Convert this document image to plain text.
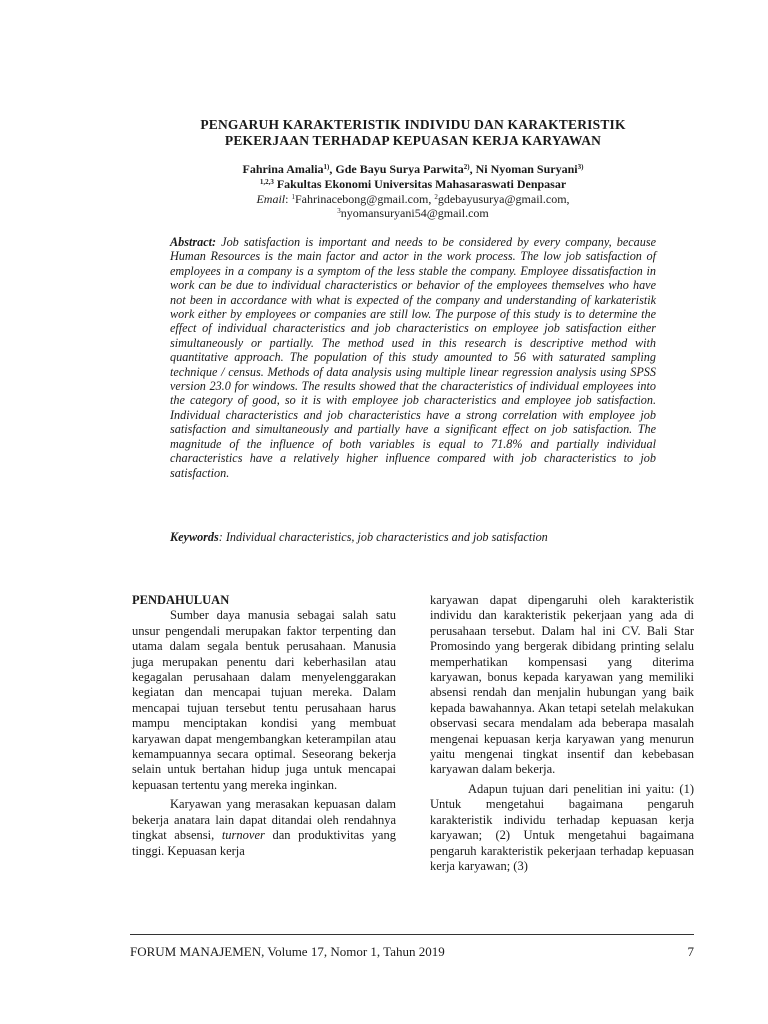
PENGARUH KARAKTERISTIK INDIVIDU DAN KARAKTERISTIK
PEKERJAAN TERHADAP KEPUASAN KERJA KARYAWAN
Fahrina Amalia$^{1)}$, Gde Bayu Surya Parwita$^{2)}$, Ni Nyoman Suryani$^{3)}$
$^{1,2,3}$ Fakultas Ekonomi Universitas Mahasaraswati Denpasar
Email: $^1$Fahrinacebong@gmail.com, $^2$gdebayusurya@gmail.com,
$^3$nyomansuryani54@gmail.com
Abstract: Job satisfaction is important and needs to be considered by every company, because Human Resources is the main factor and actor in the work process. The low job satisfaction of employees in a company is a symptom of the less stable the company. Employee dissatisfaction in work can be due to individual characteristics or behavior of the employees themselves who have not been in accordance with what is expected of the company and understanding of karkateristik work either by employees or companies are still low. The purpose of this study is to determine the effect of individual characteristics and job characteristics on employee job satisfaction either simultaneously or partially. The method used in this research is descriptive method with quantitative approach. The population of this study amounted to 56 with saturated sampling technique / census. Methods of data analysis using multiple linear regression analysis using SPSS version 23.0 for windows. The results showed that the characteristics of individual employees into the category of good, so it is with employee job characteristics and employee job satisfaction. Individual characteristics and job characteristics have a strong correlation with employee job satisfaction and simultaneously and partially have a significant effect on job satisfaction. The magnitude of the influence of both variables is equal to 71.8% and partially individual characteristics have a relatively higher influence compared with job characteristics to job satisfaction.
Keywords: Individual characteristics, job characteristics and job satisfaction

PENDAHULUAN

Sumber daya manusia sebagai salah satu unsur pengendali merupakan faktor terpenting dan utama dalam segala bentuk perusahaan. Manusia juga merupakan penentu dari keberhasilan atau kegagalan perusahaan dalam menyelenggarakan kegiatan dan mencapai tujuan mereka. Dalam mencapai tujuan tersebut tentu perusahaan harus mampu menciptakan kondisi yang membuat karyawan dapat mengembangkan keterampilan atau kemampuannya secara optimal. Seseorang bekerja selain untuk bertahan hidup juga untuk mencapai kepuasan tertentu yang mereka inginkan.

Karyawan yang merasakan kepuasan dalam bekerja anatara lain dapat ditandai oleh rendahnya tingkat absensi, turnover dan produktivitas yang tinggi. Kepuasan kerja

karyawan dapat dipengaruhi oleh karakteristik individu dan karakteristik pekerjaan yang ada di perusahaan tersebut. Dalam hal ini CV. Bali Star Promosindo yang bergerak dibidang printing selalu memperhatikan kompensasi yang diterima karyawan, bonus kepada karyawan yang memiliki absensi rendah dan menjalin hubungan yang baik kepada bawahannya. Akan tetapi setelah melakukan observasi secara mendalam ada beberapa masalah mengenai kepuasan kerja karyawan yang menurun yaitu mengenai tingkat insentif dan kebebasan karyawan dalam bekerja.

Adapun tujuan dari penelitian ini yaitu: (1) Untuk mengetahui bagaimana pengaruh karakteristik individu terhadap kepuasan kerja karyawan; (2) Untuk mengetahui bagaimana pengaruh karakteristik pekerjaan terhadap kepuasan kerja karyawan; (3)

FORUM MANAJEMEN, Volume 17, Nomor 1, Tahun 2019	7
